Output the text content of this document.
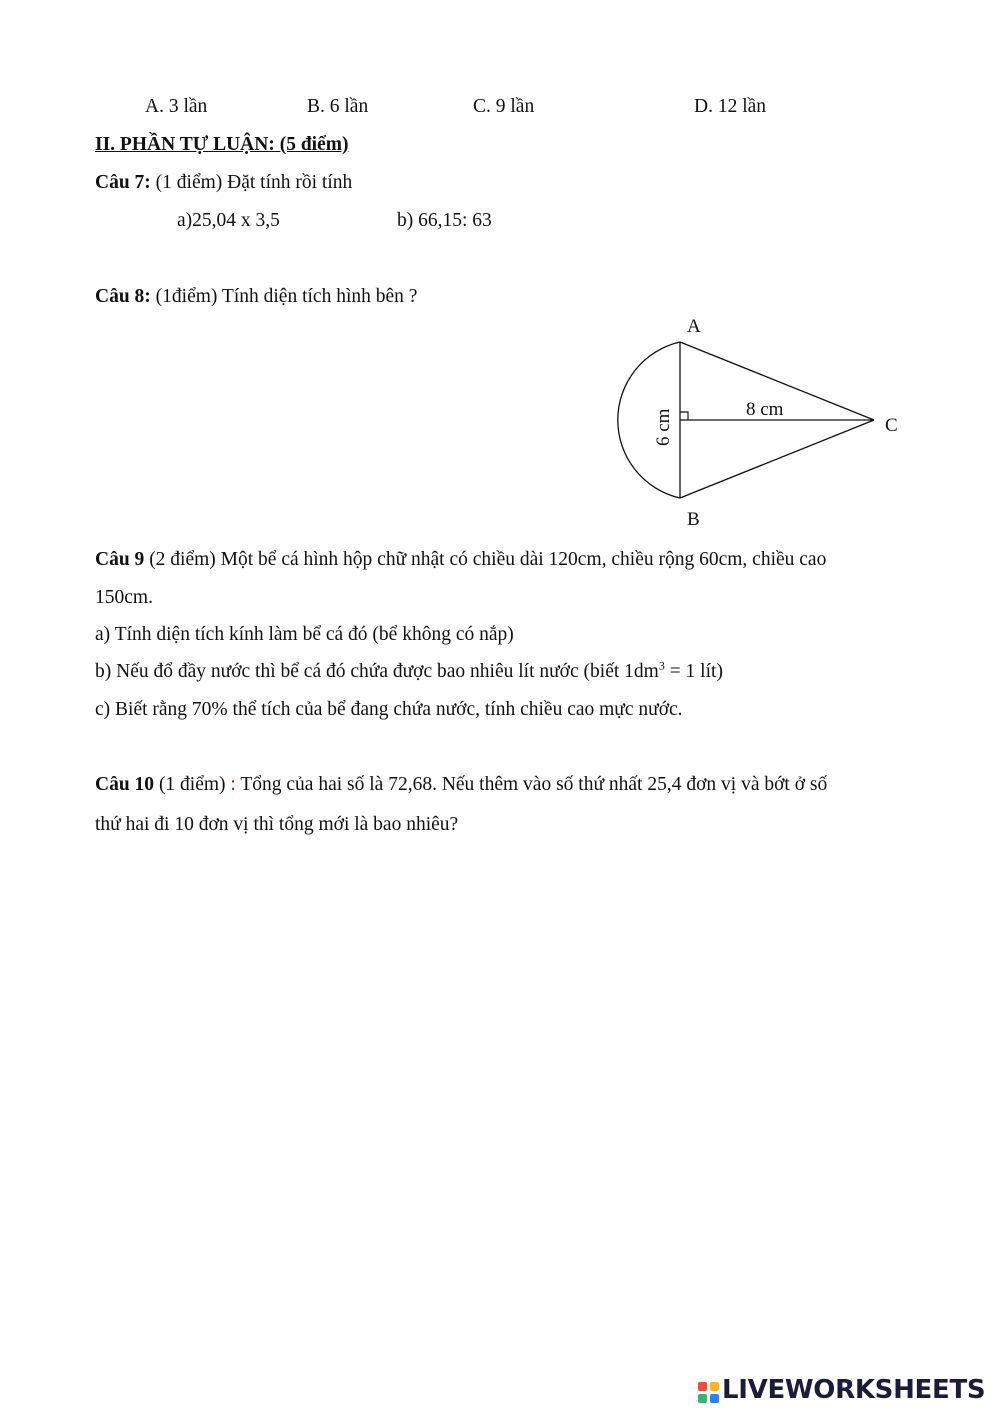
A. 3 lần	B. 6 lần	C. 9 lần	D. 12 lần
II. PHẦN TỰ LUẬN: (5 điểm)
Câu 7: (1 điểm) Đặt tính rồi tính
a)25,04 x 3,5	b) 66,15: 63
Câu 8: (1điểm) Tính diện tích hình bên ?
A
B
C
8 cm
6 cm
Câu 9 (2 điểm) Một bể cá hình hộp chữ nhật có chiều dài 120cm, chiều rộng 60cm, chiều cao
150cm.
a) Tính diện tích kính làm bể cá đó (bể không có nắp)
b) Nếu đổ đầy nước thì bể cá đó chứa được bao nhiêu lít nước (biết $1dm^3 = 1$ lít)
c) Biết rằng 70% thể tích của bể đang chứa nước, tính chiều cao mực nước.
Câu 10 (1 điểm) : Tổng của hai số là 72,68. Nếu thêm vào số thứ nhất 25,4 đơn vị và bớt ở số
thứ hai đi 10 đơn vị thì tổng mới là bao nhiêu?
LIVEWORKSHEETS
